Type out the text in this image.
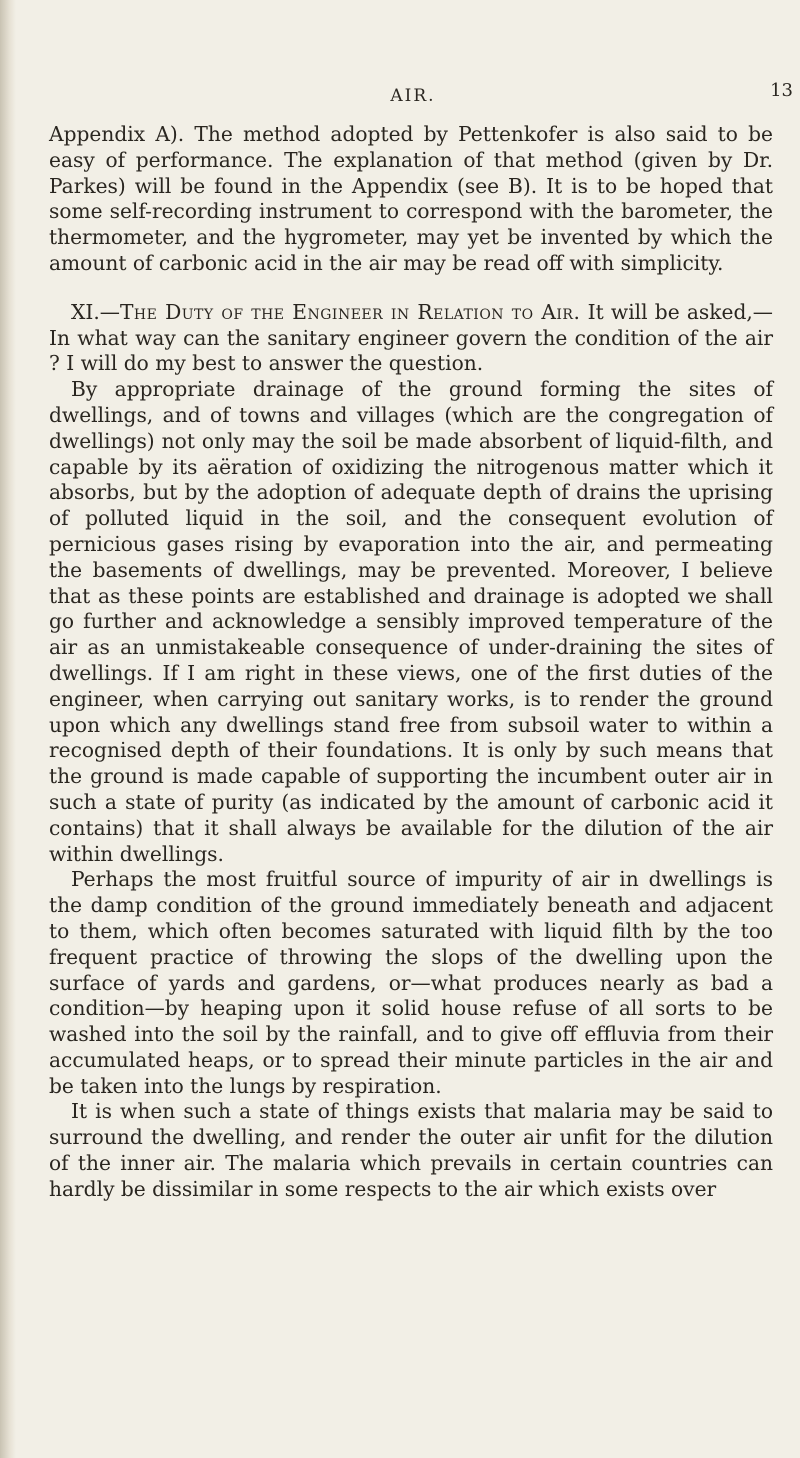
AIR.	13

Appendix A). The method adopted by Pettenkofer is also said to be easy of performance. The explanation of that method (given by Dr. Parkes) will be found in the Appendix (see B). It is to be hoped that some self-recording instrument to correspond with the barometer, the thermometer, and the hygrometer, may yet be invented by which the amount of carbonic acid in the air may be read off with simplicity.

XI.—The Duty of the Engineer in Relation to Air. It will be asked,—In what way can the sanitary engineer govern the condition of the air ? I will do my best to answer the question.

By appropriate drainage of the ground forming the sites of dwellings, and of towns and villages (which are the congregation of dwellings) not only may the soil be made absorbent of liquid-filth, and capable by its aëration of oxidizing the nitrogenous matter which it absorbs, but by the adoption of adequate depth of drains the uprising of polluted liquid in the soil, and the consequent evolution of pernicious gases rising by evaporation into the air, and permeating the basements of dwellings, may be prevented. Moreover, I believe that as these points are established and drainage is adopted we shall go further and acknowledge a sensibly improved temperature of the air as an unmistakeable consequence of under-draining the sites of dwellings. If I am right in these views, one of the first duties of the engineer, when carrying out sanitary works, is to render the ground upon which any dwellings stand free from subsoil water to within a recognised depth of their foundations. It is only by such means that the ground is made capable of supporting the incumbent outer air in such a state of purity (as indicated by the amount of carbonic acid it contains) that it shall always be available for the dilution of the air within dwellings.

Perhaps the most fruitful source of impurity of air in dwellings is the damp condition of the ground immediately beneath and adjacent to them, which often becomes saturated with liquid filth by the too frequent practice of throwing the slops of the dwelling upon the surface of yards and gardens, or—what produces nearly as bad a condition—by heaping upon it solid house refuse of all sorts to be washed into the soil by the rainfall, and to give off effluvia from their accumulated heaps, or to spread their minute particles in the air and be taken into the lungs by respiration.

It is when such a state of things exists that malaria may be said to surround the dwelling, and render the outer air unfit for the dilution of the inner air. The malaria which prevails in certain countries can hardly be dissimilar in some respects to the air which exists over
